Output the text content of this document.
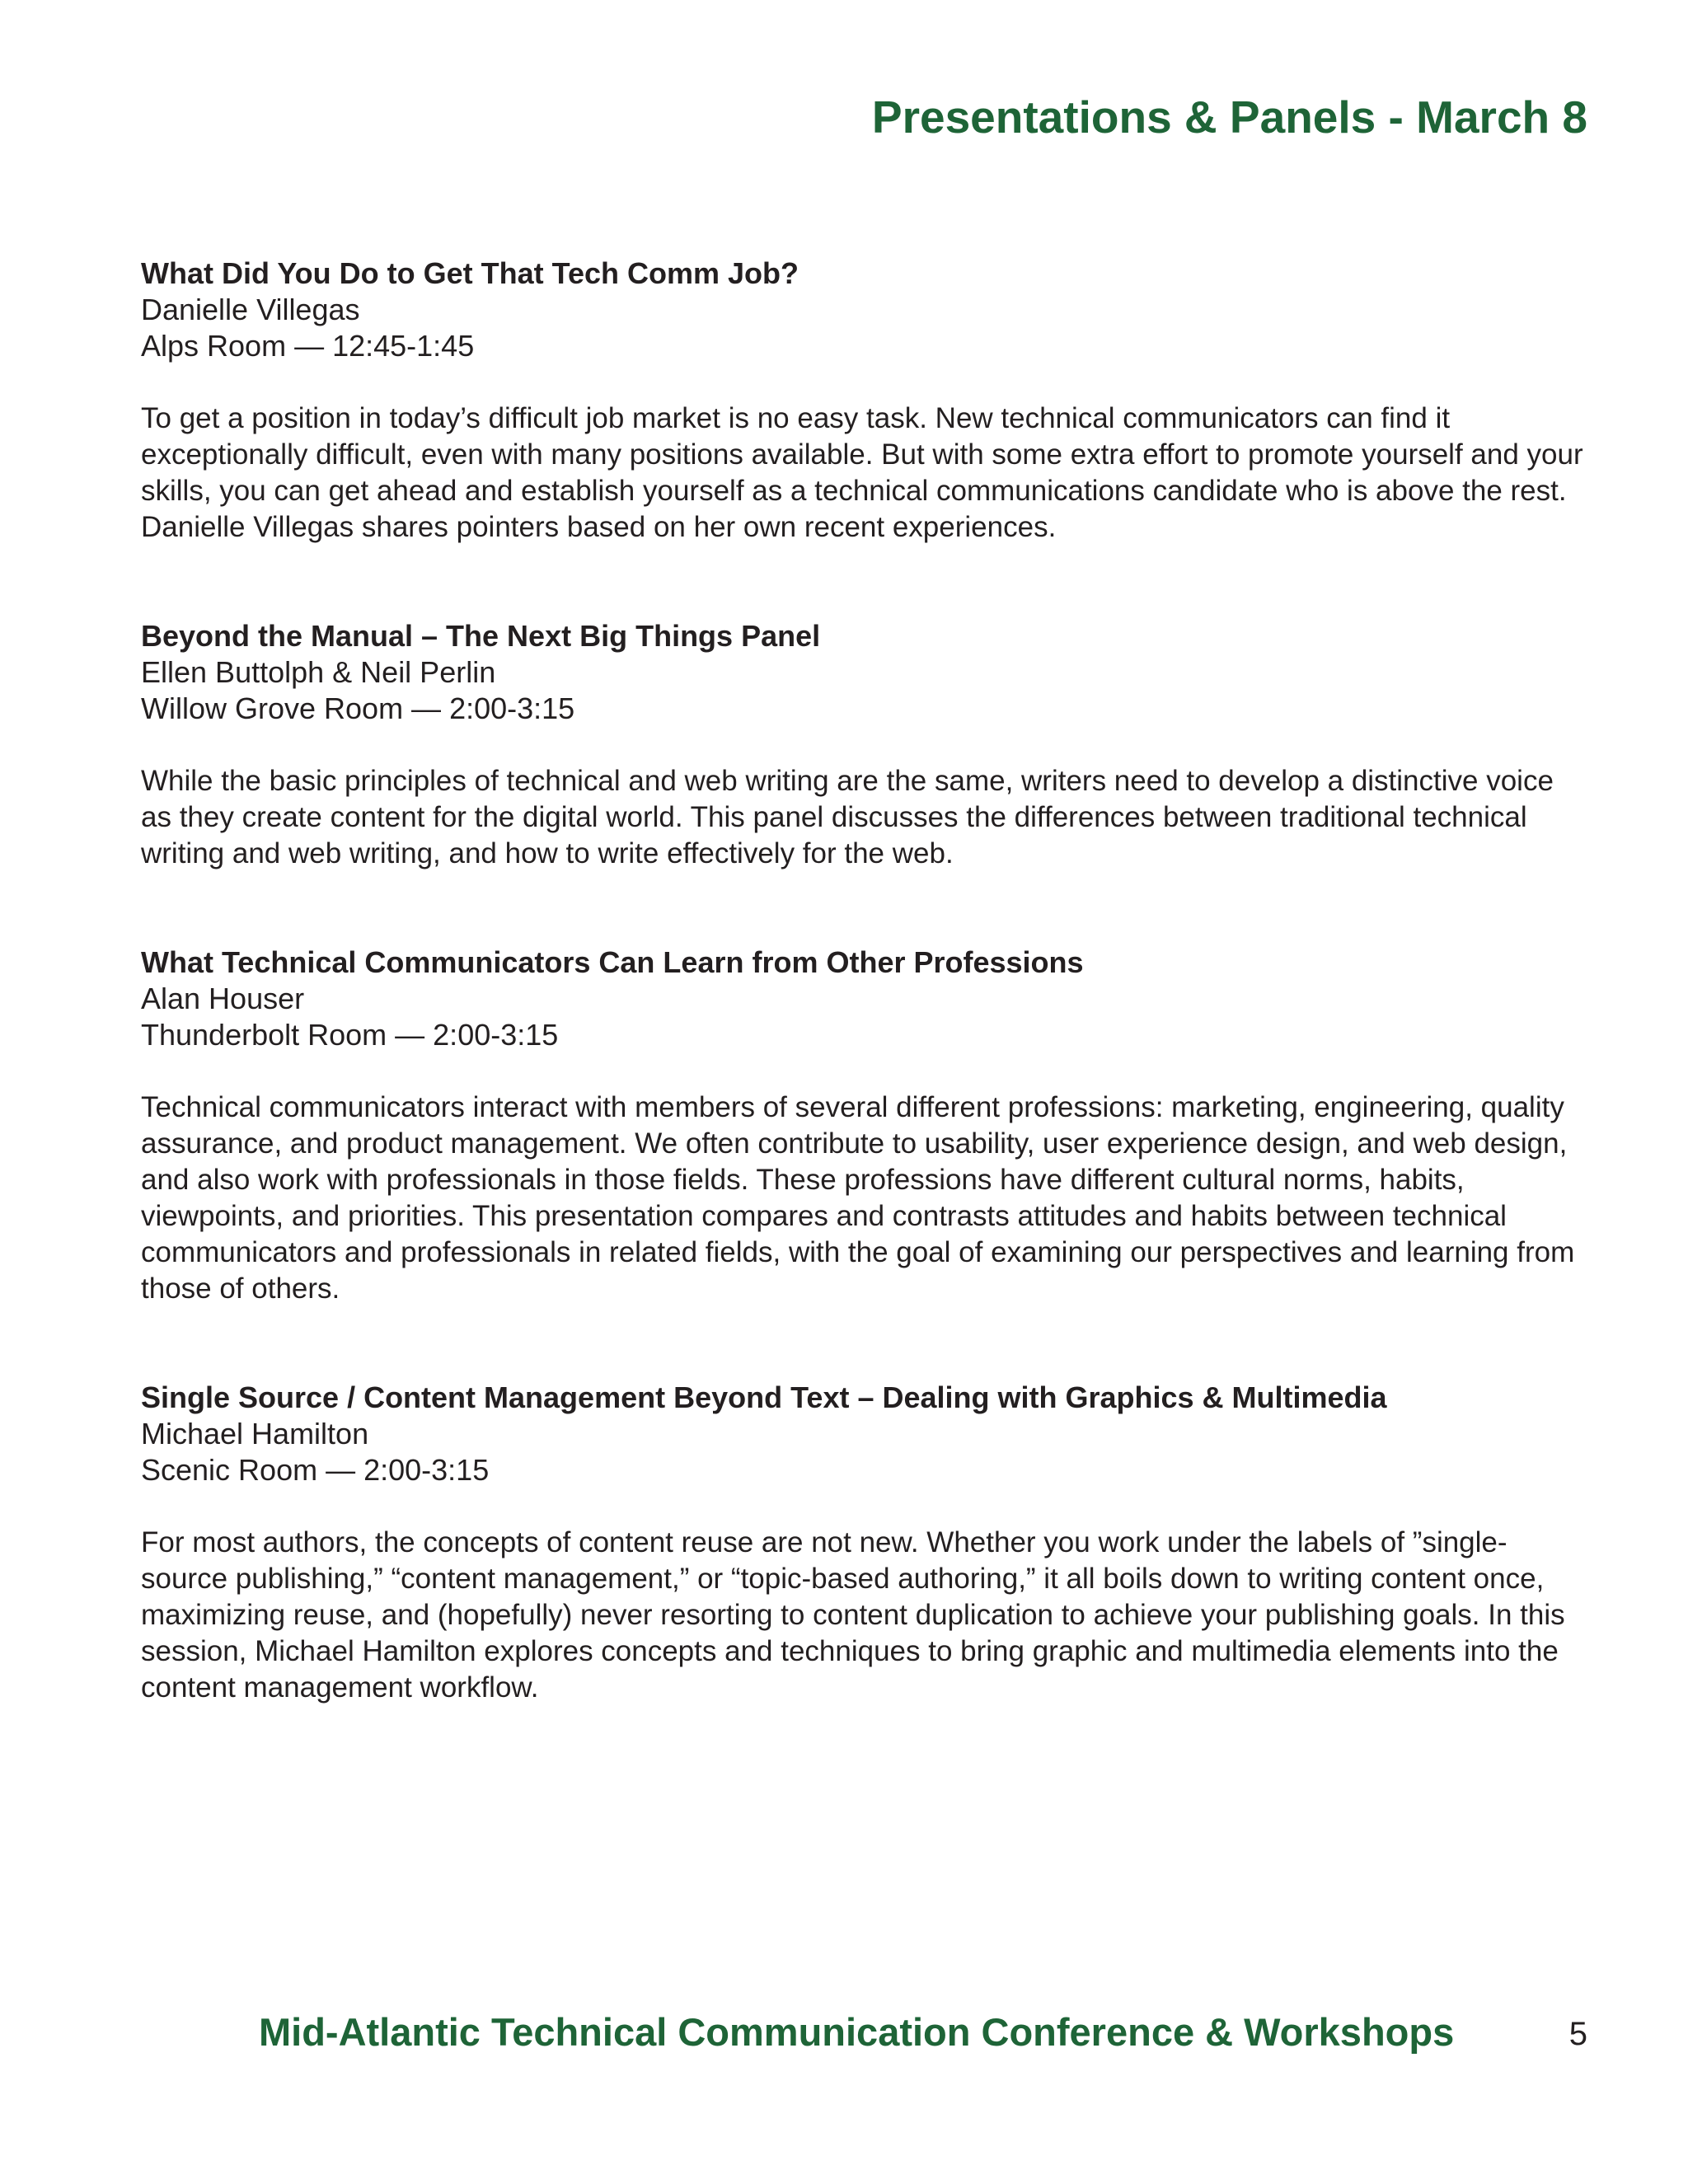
Presentations & Panels - March 8

What Did You Do to Get That Tech Comm Job?

Danielle Villegas

Alps Room — 12:45-1:45

To get a position in today’s difficult job market is no easy task. New technical communicators can find it exceptionally difficult, even with many positions available. But with some extra effort to promote yourself and your skills, you can get ahead and establish yourself as a technical communications candidate who is above the rest. Danielle Villegas shares pointers based on her own recent experiences.

Beyond the Manual – The Next Big Things Panel

Ellen Buttolph & Neil Perlin

Willow Grove Room — 2:00-3:15

While the basic principles of technical and web writing are the same, writers need to develop a distinctive voice as they create content for the digital world. This panel discusses the differences between traditional technical writing and web writing, and how to write effectively for the web.

What Technical Communicators Can Learn from Other Professions

Alan Houser

Thunderbolt Room — 2:00-3:15

Technical communicators interact with members of several different professions: marketing, engineering, quality assurance, and product management. We often contribute to usability, user experience design, and web design, and also work with professionals in those fields. These professions have different cultural norms, habits, viewpoints, and priorities. This presentation compares and contrasts attitudes and habits between technical communicators and professionals in related fields, with the goal of examining our perspectives and learning from those of others.

Single Source / Content Management Beyond Text – Dealing with Graphics & Multimedia

Michael Hamilton

Scenic Room — 2:00-3:15

For most authors, the concepts of content reuse are not new. Whether you work under the labels of ”single-source publishing,” “content management,” or “topic-based authoring,” it all boils down to writing content once, maximizing reuse, and (hopefully) never resorting to content duplication to achieve your publishing goals. In this session, Michael Hamilton explores concepts and techniques to bring graphic and multimedia elements into the content management workflow.

Mid-Atlantic Technical Communication Conference & Workshops	5
